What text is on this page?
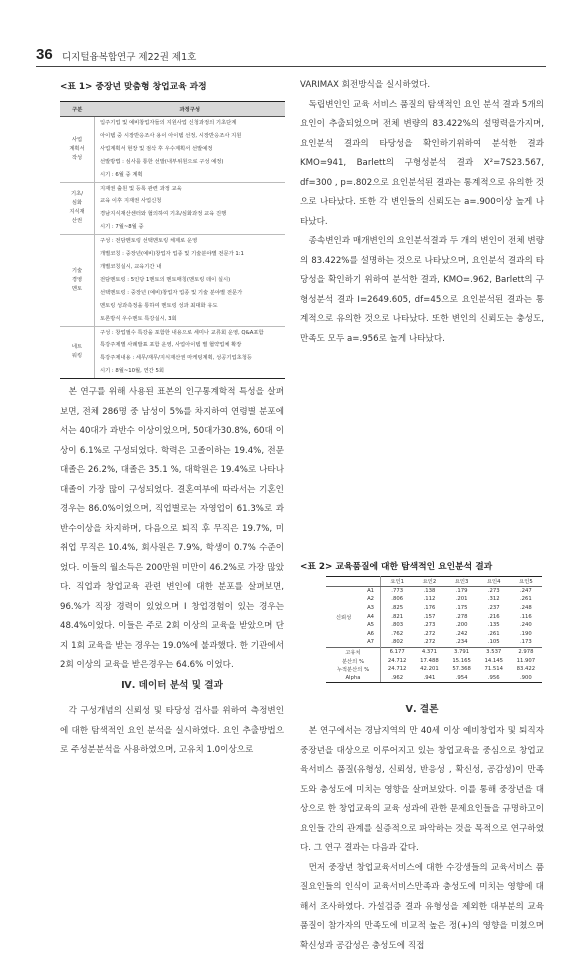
36 디지털융복합연구 제22권 제1호
<표 1> 중장년 맞춤형 창업교육 과정
구분	과정구성
사업
계획서
작성	입주기업 및 예비창업자들의 지원사업 신청과정의 기초단계
	아이템 중 시장반응조사 용이 아이템 선정, 시장반응조사 지원
	사업계획서 현장 및 점삭 후 우수계획서 선발예정
	선발방법 : 심사를 통한 선발(내부위원으로 구성 예정)
	시기 : 6월 중 계획
기초/
심화
지식재
산권	지재권 출원 및 등록 관련 과정 교육
	교육 이후 지재권 사업신청
	경남지식재산센터와 협의하여 기초/심화과정 교육 진행
	시기 : 7월~8월 중
기술
경영
멘토	구성 : 전담멘토링 선택멘토링 체제로 운영
	개별코칭 : 중장년(예비)창업자 업종 및 기술분야별 전문가 1:1
	개별코칭실시, 교육기간 내
	전담멘토링 : 5인당 1멘토의 멘토매칭(멘토링 데이 실시)
	선택멘토링 : 중장년 (예비)창업자 업종 및 기술 분야별 전문가
	멘토링 성과측정을 통하여 멘토링 성과 최대화 유도
	토론방식 우수멘토 특강실시, 3회
네트
워킹	구성 : 창업필수 특강을 포함한 내용으로 세미나 교류회 운영, Q&A포함
	특강주제별 사례발표 포함 운영, 사업아이템 별 협약업체 확장
	특강주제내용 : 세무/재무/지식재산권 마케팅계획, 성공기업초청등
	시기 : 8월~10월, 연간 5회

본 연구를 위해 사용된 표본의 인구통계학적 특성을 살펴보면, 전체 286명 중 남성이 5%를 차지하여 연령별 분포에서는 40대가 과반수 이상이었으며, 50대가30.8%, 60대 이상이 6.1%로 구성되었다. 학력은 고졸이하는 19.4%, 전문대졸은 26.2%, 대졸은 35.1 %, 대학원은 19.4%로 나타나 대졸이 가장 많이 구성되었다. 결혼여부에 따라서는 기혼인 경우는 86.0%이었으며, 직업별로는 자영업이 61.3%로 과반수이상을 차지하며, 다음으로 퇴직 후 무직은 19.7%, 미취업 무직은 10.4%, 회사원은 7.9%, 학생이 0.7% 수준이었다. 이들의 월소득은 200만원 미만이 46.2%로 가장 많았다. 직업과 창업교육 관련 변인에 대한 분포를 살펴보면, 96.%가 직장 경력이 있었으며 I 창업경험이 있는 경우는 48.4%이었다. 이들은 주로 2회 이상의 교육을 받았으며 단지 1회 교육을 받는 경우는 19.0%에 불과했다. 한 기관에서 2회 이상의 교육을 받은경우는 64.6% 이었다.

Ⅳ. 데이터 분석 및 결과

각 구성개념의 신뢰성 및 타당성 검사를 위하여 측정변인에 대한 탐색적인 요인 분석을 실시하였다. 요인 추출방법으로 주성분분석을 사용하였으며, 고유치 1.0이상으로

VARIMAX 회전방식을 실시하였다.

독립변인인 교육 서비스 품질의 탐색적인 요인 분석 결과 5개의 요인이 추출되었으며 전체 변량의 83.422%의 설명력을가지며, 요인분석 결과의 타당성을 확인하기위하여 분석한 결과 KMO=941, Barlett의 구형성분석 결과 X²=7S23.567, df=300 , p=.802으로 요인분석된 결과는 통계적으로 유의한 것으로 나타났다. 또한 각 변인들의 신뢰도는 a=.900이상 높게 나타났다.

종속변인과 매개변인의 요인분석결과 두 개의 변인이 전체 변량의 83.422%를 설명하는 것으로 나타났으며, 요인분석 결과의 타당성을 확인하기 위하여 분석한 결과, KMO=.962, Barlett의 구형성분석 결과 I=2649.605, df=45으로 요인분석된 결과는 통계적으로 유의한 것으로 나타났다. 또한 변인의 신뢰도는 충성도, 만족도 모두 a=.956로 높게 나타났다.

<표 2> 교육품질에 대한 탐색적인 요인분석 결과
		요인1	요인2	요인3	요인4	요인5
신뢰성	A1	.773	.138	.179	.273	.247
	A2	.806	.112	.201	.312	.261
	A3	.825	.176	.175	.237	.248
	A4	.821	.157	.278	.216	.116
	A5	.803	.273	.200	.135	.240
	A6	.762	.272	.242	.261	.190
	A7	.802	.272	.234	.105	.173
고유치		6.177	4.371	3.791	3.537	2.978
분산의 %		24.712	17.488	15.165	14.145	11.907
누적분산의 %		24.712	42.201	57.368	71.514	83.422
Alpha		.962	.941	.954	.956	.900
Ⅴ. 결론

본 연구에서는 경남지역의 만 40세 이상 예비창업자 및 퇴직자 중장년을 대상으로 이루어지고 있는 창업교육을 중심으로 창업교육서비스 품질(유형성, 신뢰성, 반응성 , 확신성, 공감성)이 만족도와 충성도에 미치는 영향을 살펴보았다. 이를 통해 중장년을 대상으로 한 창업교육의 교육 성과에 관한 문제요인들을 규명하고이 요인들 간의 관계를 실증적으로 파악하는 것을 목적으로 연구하였다. 그 연구 결과는 다음과 같다.

먼저 중장년 창업교육서비스에 대한 수강생들의 교육서비스 품질요인들의 인식이 교육서비스만족과 충성도에 미치는 영향에 대해서 조사하였다. 가설검증 결과 유형성을 제외한 대부분의 교육 품질이 참가자의 만족도에 비교적 높은 정(+)의 영향을 미쳤으며 확신성과 공감성은 충성도에 직접
